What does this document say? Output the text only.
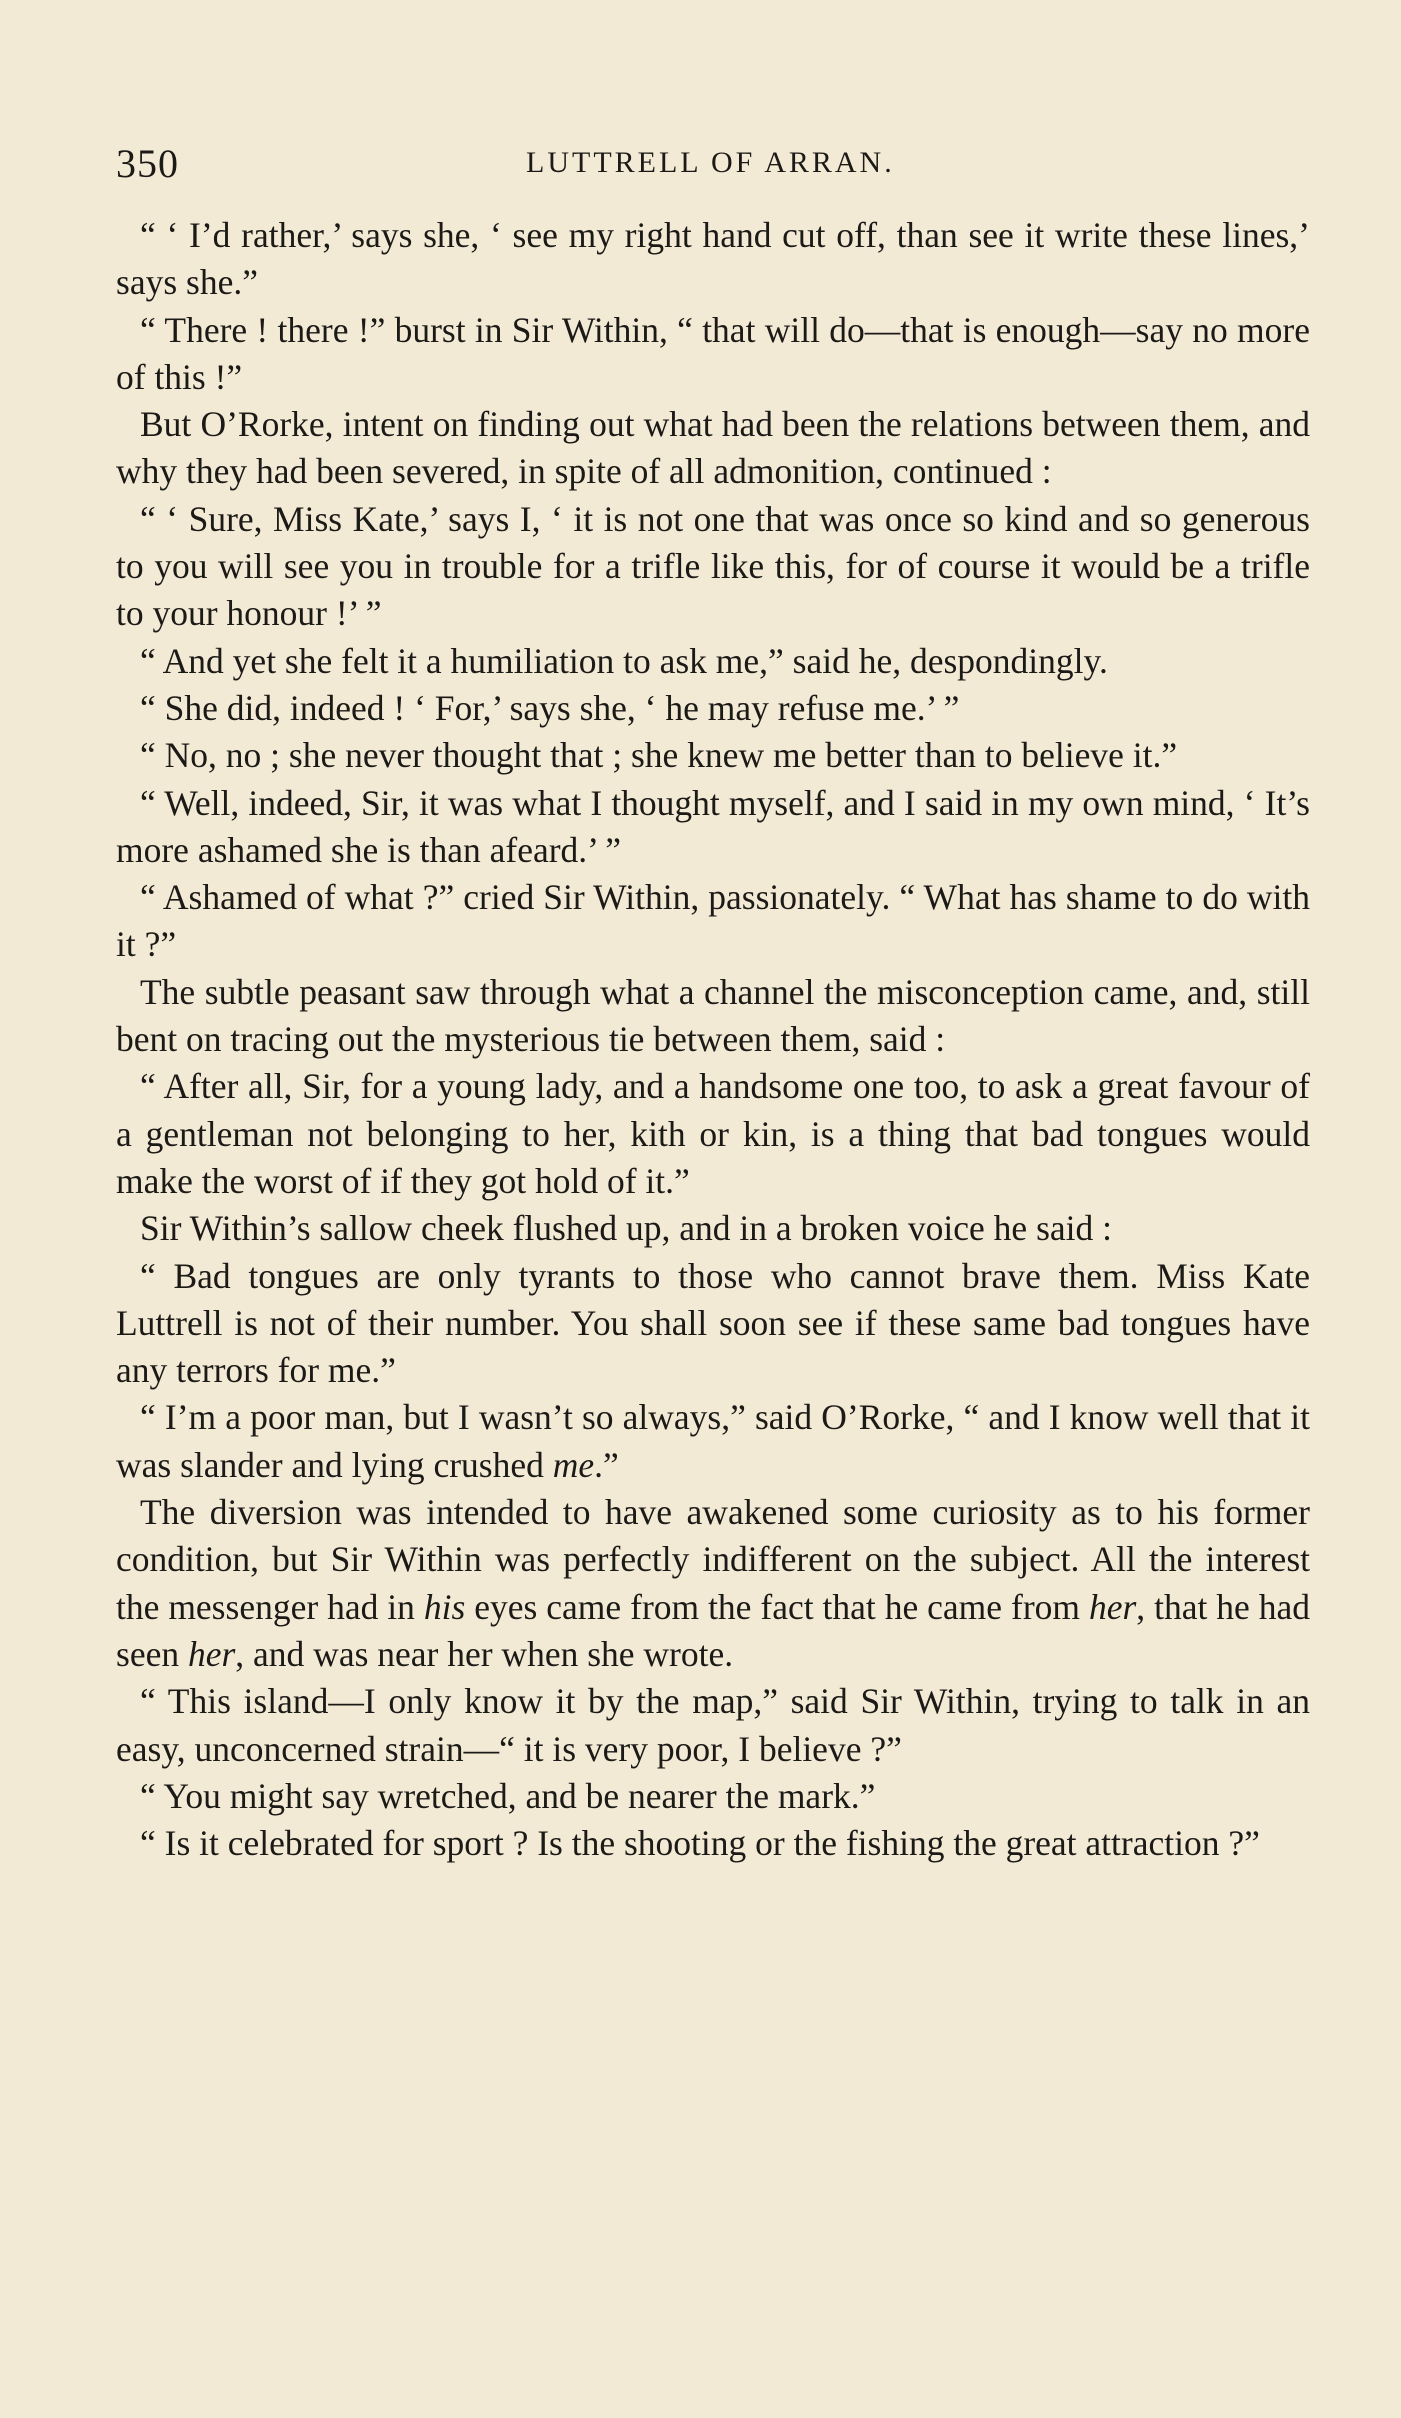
350	LUTTRELL OF ARRAN.

“ ‘ I’d rather,’ says she, ‘ see my right hand cut off, than see it write these lines,’ says she.”

“ There ! there !” burst in Sir Within, “ that will do—that is enough—say no more of this !”

But O’Rorke, intent on finding out what had been the relations between them, and why they had been severed, in spite of all admonition, continued :

“ ‘ Sure, Miss Kate,’ says I, ‘ it is not one that was once so kind and so generous to you will see you in trouble for a trifle like this, for of course it would be a trifle to your honour !’ ”

“ And yet she felt it a humiliation to ask me,” said he, despondingly.

“ She did, indeed ! ‘ For,’ says she, ‘ he may refuse me.’ ”

“ No, no ; she never thought that ; she knew me better than to believe it.”

“ Well, indeed, Sir, it was what I thought myself, and I said in my own mind, ‘ It’s more ashamed she is than afeard.’ ”

“ Ashamed of what ?” cried Sir Within, passionately. “ What has shame to do with it ?”

The subtle peasant saw through what a channel the misconception came, and, still bent on tracing out the mysterious tie between them, said :

“ After all, Sir, for a young lady, and a handsome one too, to ask a great favour of a gentleman not belonging to her, kith or kin, is a thing that bad tongues would make the worst of if they got hold of it.”

Sir Within’s sallow cheek flushed up, and in a broken voice he said :

“ Bad tongues are only tyrants to those who cannot brave them. Miss Kate Luttrell is not of their number. You shall soon see if these same bad tongues have any terrors for me.”

“ I’m a poor man, but I wasn’t so always,” said O’Rorke, “ and I know well that it was slander and lying crushed me.”

The diversion was intended to have awakened some curiosity as to his former condition, but Sir Within was perfectly indifferent on the subject. All the interest the messenger had in his eyes came from the fact that he came from her, that he had seen her, and was near her when she wrote.

“ This island—I only know it by the map,” said Sir Within, trying to talk in an easy, unconcerned strain—“ it is very poor, I believe ?”

“ You might say wretched, and be nearer the mark.”

“ Is it celebrated for sport ? Is the shooting or the fishing the great attraction ?”
